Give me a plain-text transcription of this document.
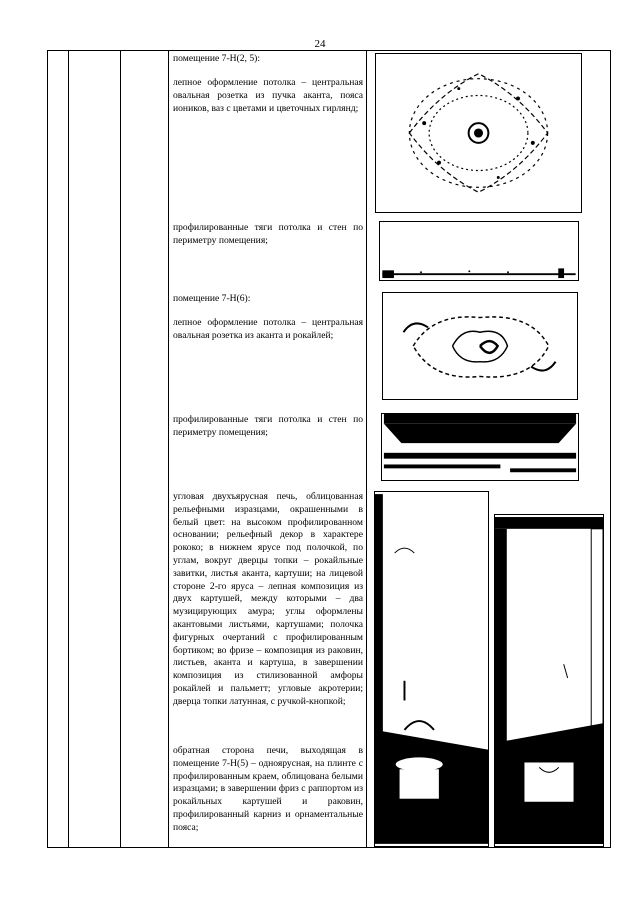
24

помещение 7-Н(2, 5):

лепное оформление потолка – центральная овальная розетка из пучка аканта, пояса иоников, ваз с цветами и цветочных гирлянд;

профилированные тяги потолка и стен по периметру помещения;

помещение 7-Н(6):

лепное оформление потолка – центральная овальная розетка из аканта и рокайлей;

профилированные тяги потолка и стен по периметру помещения;

угловая двухъярусная печь, облицованная рельефными изразцами, окрашенными в белый цвет: на высоком профилированном основании; рельефный декор в характере рококо; в нижнем ярусе под полочкой, по углам, вокруг дверцы топки – рокайльные завитки, листья аканта, картуши; на лицевой стороне 2-го яруса – лепная композиция из двух картушей, между которыми – два музицирующих амура; углы оформлены акантовыми листьями, картушами; полочка фигурных очертаний с профилированным бортиком; во фризе – композиция из раковин, листьев, аканта и картуша, в завершении композиция из стилизованной амфоры рокайлей и пальметт; угловые акротерии; дверца топки латунная, с ручкой-кнопкой;

обратная сторона печи, выходящая в помещение 7-Н(5) – одноярусная, на плинте с профилированным краем, облицована белыми изразцами; в завершении фриз с раппортом из рокайльных картушей и раковин, профилированный карниз и орнаментальные пояса;
